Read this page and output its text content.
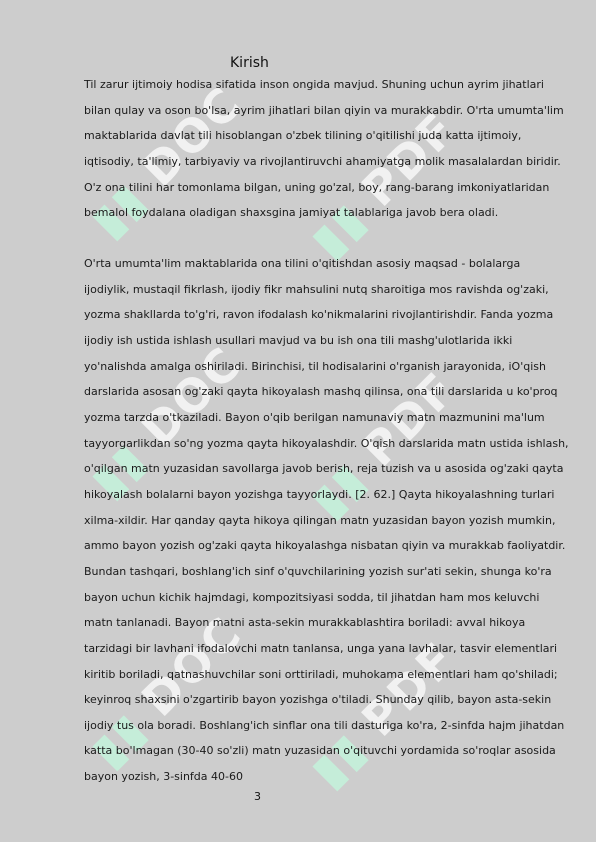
▮▮ DOC
▮▮ PDF
▮▮ DOC
▮▮ PDF
▮▮ DOC
▮▮ PDF
Kirish

Til zarur ijtimoiy hodisa sifatida inson ongida mavjud. Shuning uchun ayrim jihatlari bilan qulay va oson bo'lsa, ayrim jihatlari bilan qiyin va murakkabdir. O'rta umumta'lim maktablarida davlat tili hisoblangan o'zbek tilining o'qitilishi juda katta ijtimoiy, iqtisodiy, ta'limiy, tarbiyaviy va rivojlantiruvchi ahamiyatga molik masalalardan biridir. O'z ona tilini har tomonlama bilgan, uning go'zal, boy, rang-barang imkoniyatlaridan bemalol foydalana oladigan shaxsgina jamiyat talablariga javob bera oladi.

O'rta umumta'lim maktablarida ona tilini o'qitishdan asosiy maqsad - bolalarga ijodiylik, mustaqil fikrlash, ijodiy fikr mahsulini nutq sharoitiga mos ravishda og'zaki, yozma shakllarda to'g'ri, ravon ifodalash ko'nikmalarini rivojlantirishdir. Fanda yozma ijodiy ish ustida ishlash usullari mavjud va bu ish ona tili mashg'ulotlarida ikki yo'nalishda amalga oshiriladi. Birinchisi, til hodisalarini o'rganish jarayonida, iO'qish darslarida asosan og'zaki qayta hikoyalash mashq qilinsa, ona tili darslarida u ko'proq yozma tarzda o'tkaziladi. Bayon o'qib berilgan namunaviy matn mazmunini ma'lum tayyorgarlikdan so'ng yozma qayta hikoyalashdir. O'qish darslarida matn ustida ishlash, o'qilgan matn yuzasidan savollarga javob berish, reja tuzish va u asosida og'zaki qayta hikoyalash bolalarni bayon yozishga tayyorlaydi. [2. 62.] Qayta hikoyalashning turlari xilma-xildir. Har qanday qayta hikoya qilingan matn yuzasidan bayon yozish mumkin, ammo bayon yozish og'zaki qayta hikoyalashga nisbatan qiyin va murakkab faoliyatdir. Bundan tashqari, boshlang'ich sinf o'quvchilarining yozish sur'ati sekin, shunga ko'ra bayon uchun kichik hajmdagi, kompozitsiyasi sodda, til jihatdan ham mos keluvchi matn tanlanadi. Bayon matni asta-sekin murakkablashtira boriladi: avval hikoya tarzidagi bir lavhani ifodalovchi matn tanlansa, unga yana lavhalar, tasvir elementlari kiritib boriladi, qatnashuvchilar soni orttiriladi, muhokama elementlari ham qo'shiladi; keyinroq shaxsini o'zgartirib bayon yozishga o'tiladi. Shunday qilib, bayon asta-sekin ijodiy tus ola boradi. Boshlang'ich sinflar ona tili dasturiga ko'ra, 2-sinfda hajm jihatdan katta bo'lmagan (30-40 so'zli) matn yuzasidan o'qituvchi yordamida so'roqlar asosida bayon yozish, 3-sinfda 40-60

3
